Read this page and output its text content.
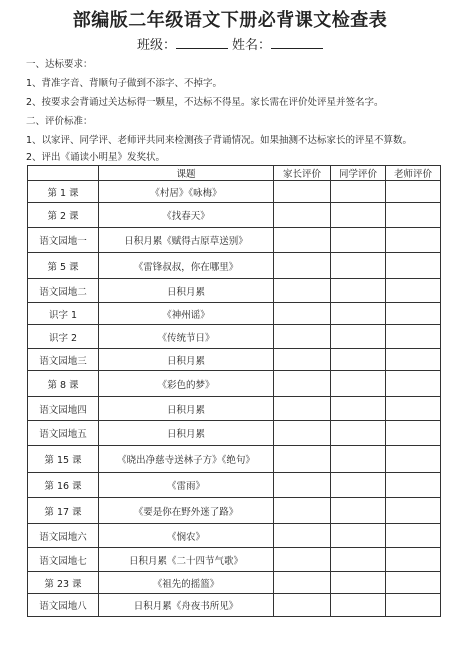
部编版二年级语文下册必背课文检查表
班级：	姓名：
一、达标要求：
1、背准字音、背顺句子做到不添字、不掉字。
2、按要求会背诵过关达标得一颗星，不达标不得星。家长需在评价处评星并签名字。
二、评价标准：
1、以家评、同学评、老师评共同来检测孩子背诵情况。如果抽测不达标家长的评星不算数。
2、评出《诵读小明星》发奖状。
	课题	家长评价	同学评价	老师评价
第 1 课	《村居》《咏梅》			
第 2 课	《找春天》			
语文园地一	日积月累《赋得古原草送别》			
第 5 课	《雷锋叔叔，你在哪里》			
语文园地二	日积月累			
识字 1	《神州谣》			
识字 2	《传统节日》			
语文园地三	日积月累			
第 8 课	《彩色的梦》			
语文园地四	日积月累			
语文园地五	日积月累			
第 15 课	《晓出净慈寺送林子方》《绝句》			
第 16 课	《雷雨》			
第 17 课	《要是你在野外迷了路》			
语文园地六	《悯农》			
语文园地七	日积月累《二十四节气歌》			
第 23 课	《祖先的摇篮》			
语文园地八	日积月累《舟夜书所见》			
